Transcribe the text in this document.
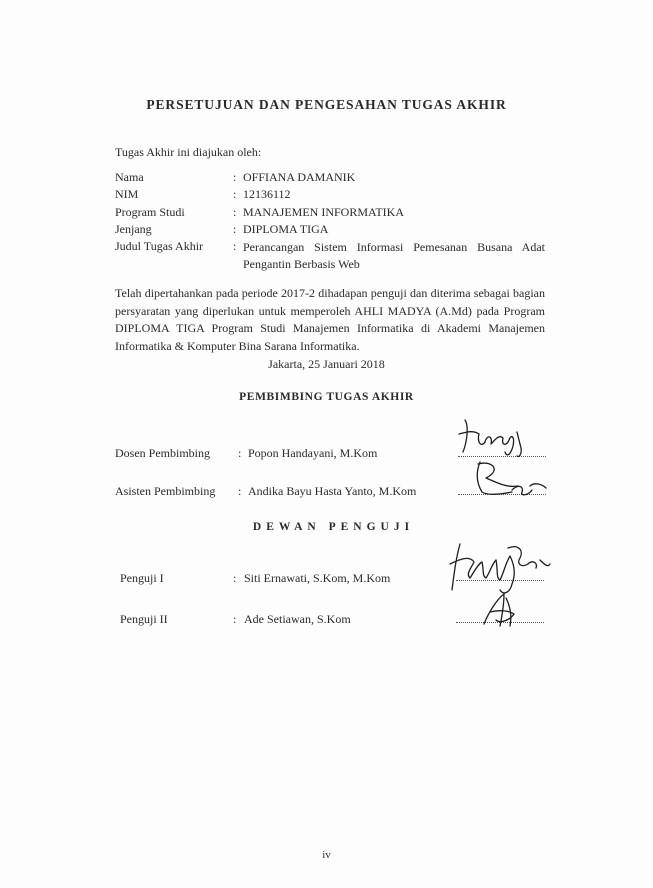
PERSETUJUAN DAN PENGESAHAN TUGAS AKHIR
Tugas Akhir ini diajukan oleh:
Nama	: OFFIANA DAMANIK
NIM	: 12136112
Program Studi	: MANAJEMEN INFORMATIKA
Jenjang	: DIPLOMA TIGA
Judul Tugas Akhir : Perancangan Sistem Informasi Pemesanan Busana Adat Pengantin Berbasis Web
Telah dipertahankan pada periode 2017-2 dihadapan penguji dan diterima sebagai bagian persyaratan yang diperlukan untuk memperoleh AHLI MADYA (A.Md) pada Program DIPLOMA TIGA Program Studi Manajemen Informatika di Akademi Manajemen Informatika & Komputer Bina Sarana Informatika.
Jakarta, 25 Januari 2018
PEMBIMBING TUGAS AKHIR
Dosen Pembimbing : Popon Handayani, M.Kom
Asisten Pembimbing : Andika Bayu Hasta Yanto, M.Kom
DEWAN PENGUJI
Penguji I	: Siti Ernawati, S.Kom, M.Kom
Penguji II	: Ade Setiawan, S.Kom
iv
